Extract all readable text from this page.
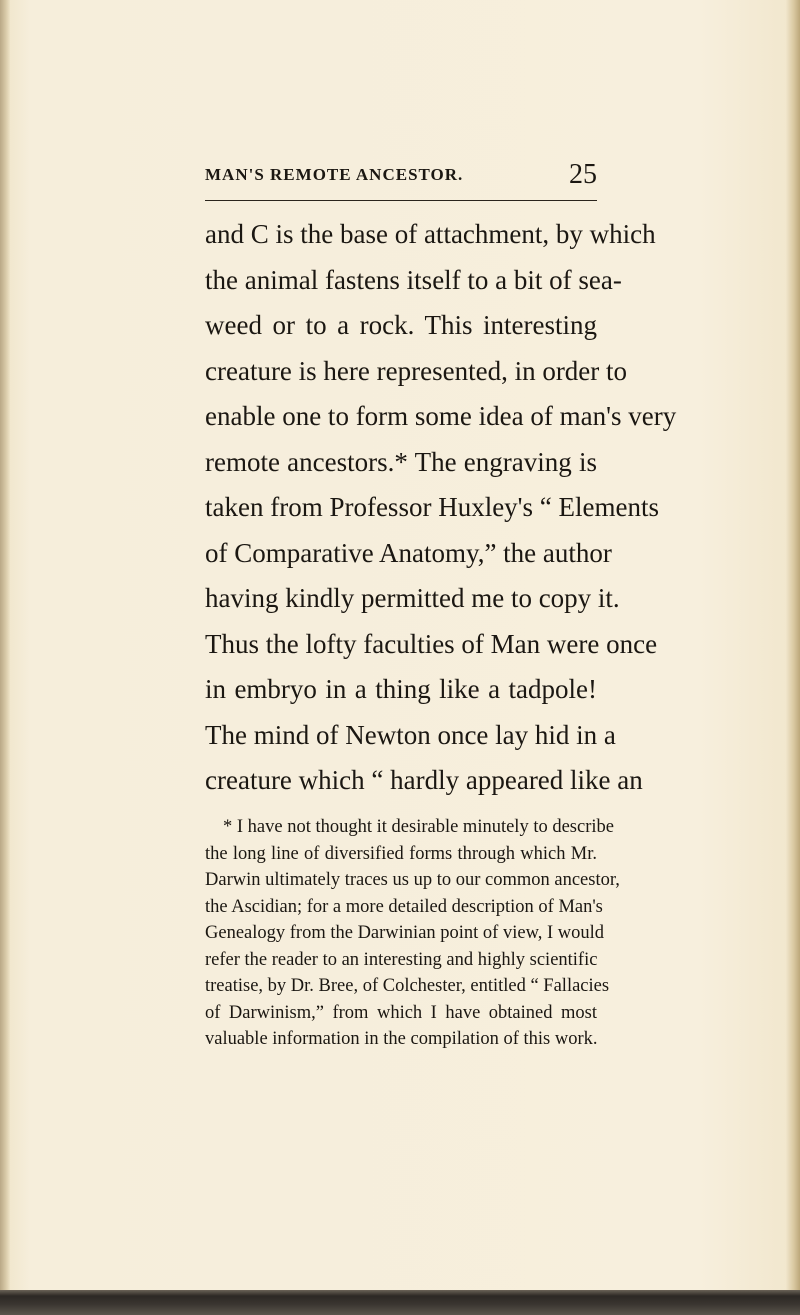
MAN'S REMOTE ANCESTOR.	25
and C is the base of attachment, by which
the animal fastens itself to a bit of sea-
weed or to a rock. This interesting
creature is here represented, in order to
enable one to form some idea of man's very
remote ancestors.* The engraving is
taken from Professor Huxley's “ Elements
of Comparative Anatomy,” the author
having kindly permitted me to copy it.
Thus the lofty faculties of Man were once
in embryo in a thing like a tadpole!
The mind of Newton once lay hid in a
creature which “ hardly appeared like an
* I have not thought it desirable minutely to describe
the long line of diversified forms through which Mr.
Darwin ultimately traces us up to our common ancestor,
the Ascidian; for a more detailed description of Man's
Genealogy from the Darwinian point of view, I would
refer the reader to an interesting and highly scientific
treatise, by Dr. Bree, of Colchester, entitled “ Fallacies
of Darwinism,” from which I have obtained most
valuable information in the compilation of this work.
